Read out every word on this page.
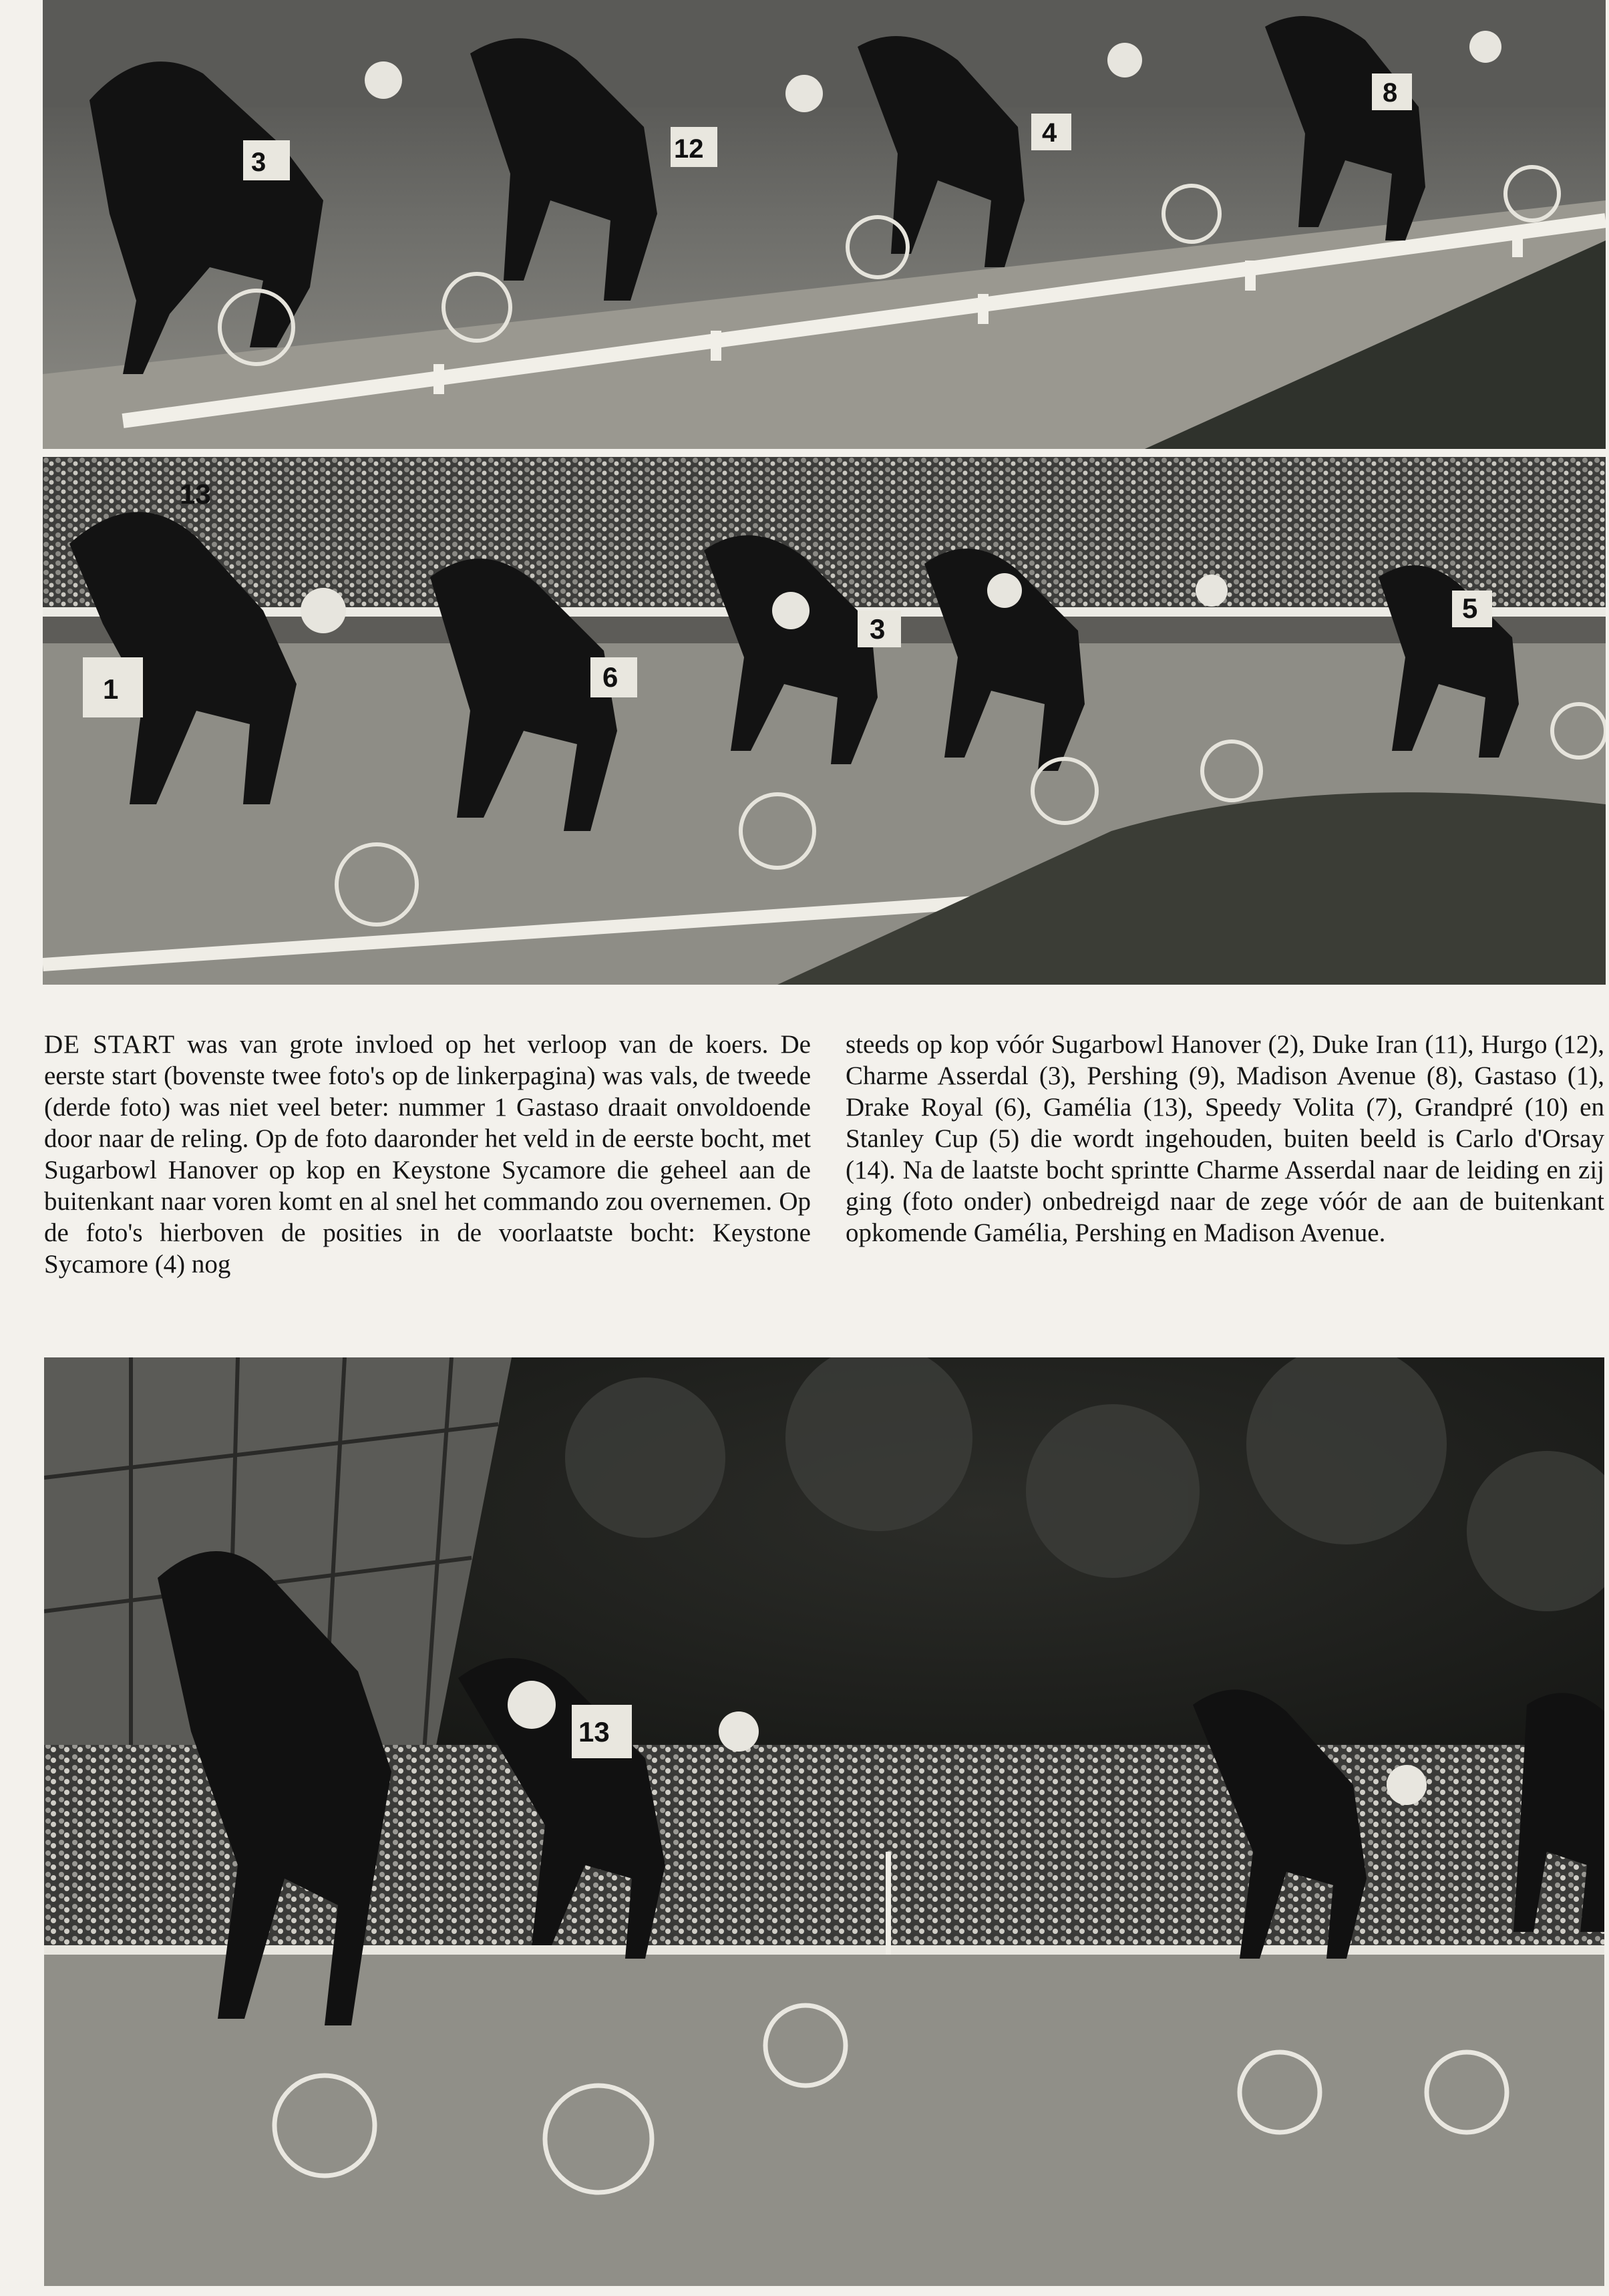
3	12
4
8
13
1	6
3
5

DE START was van grote invloed op het verloop van de koers. De eerste start (bovenste twee foto's op de linkerpagina) was vals, de tweede (derde foto) was niet veel beter: nummer 1 Gastaso draait onvoldoende door naar de reling. Op de foto daaronder het veld in de eerste bocht, met Sugarbowl Hanover op kop en Keystone Sycamore die geheel aan de buitenkant naar voren komt en al snel het commando zou overnemen. Op de foto's hierboven de posities in de voorlaatste bocht: Keystone Sycamore (4) nog

steeds op kop vóór Sugarbowl Hanover (2), Duke Iran (11), Hurgo (12), Charme Asserdal (3), Pershing (9), Madison Avenue (8), Gastaso (1), Drake Royal (6), Gamélia (13), Speedy Volita (7), Grandpré (10) en Stanley Cup (5) die wordt ingehouden, buiten beeld is Carlo d'Orsay (14). Na de laatste bocht sprintte Charme Asserdal naar de leiding en zij ging (foto onder) onbedreigd naar de zege vóór de aan de buitenkant opkomende Gamélia, Pershing en Madison Avenue.

13
